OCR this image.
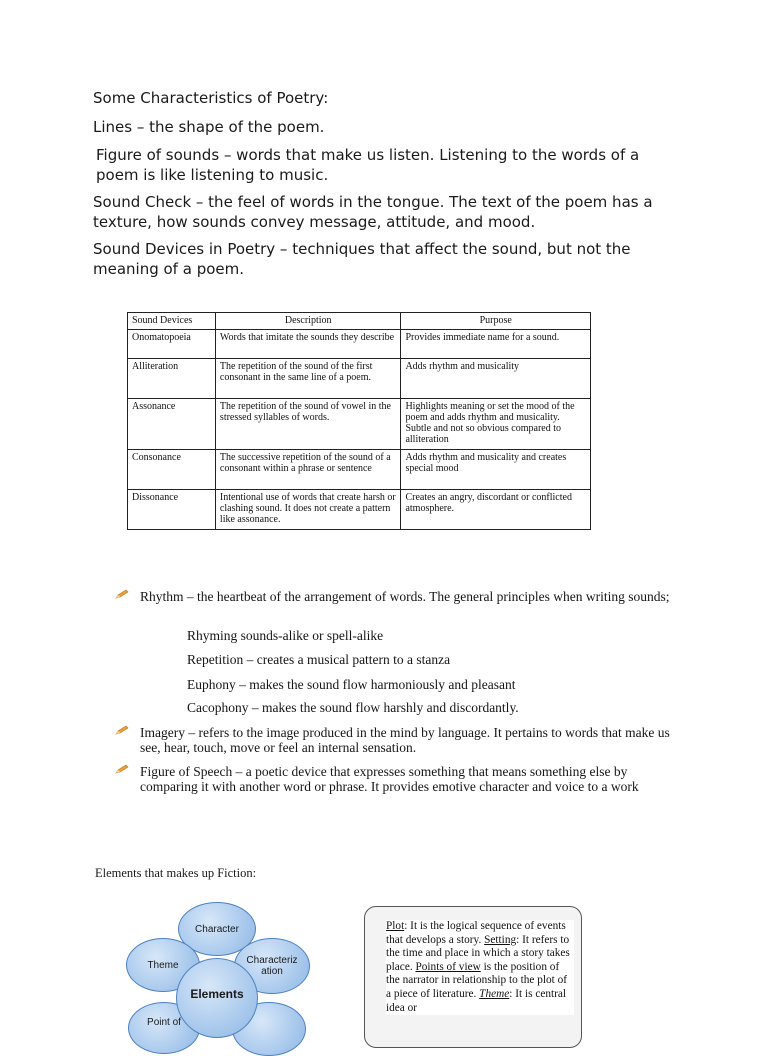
Some Characteristics of Poetry:
Lines – the shape of the poem.
Figure of sounds – words that make us listen. Listening to the words of a poem is like listening to music.
Sound Check – the feel of words in the tongue. The text of the poem has a texture, how sounds convey message, attitude, and mood.
Sound Devices in Poetry – techniques that affect the sound, but not the meaning of a poem.
Sound Devices	Description	Purpose
Onomatopoeia	Words that imitate the sounds they describe	Provides immediate name for a sound.
Alliteration	The repetition of the sound of the first consonant in the same line of a poem.	Adds rhythm and musicality
Assonance	The repetition of the sound of vowel in the stressed syllables of words.	Highlights meaning or set the mood of the poem and adds rhythm and musicality. Subtle and not so obvious compared to alliteration
Consonance	The successive repetition of the sound of a consonant within a phrase or sentence	Adds rhythm and musicality and creates special mood
Dissonance	Intentional use of words that create harsh or clashing sound. It does not create a pattern like assonance.	Creates an angry, discordant or conflicted atmosphere.
Rhythm – the heartbeat of the arrangement of words. The general principles when writing sounds;
Rhyming sounds-alike or spell-alike
Repetition – creates a musical pattern to a stanza
Euphony – makes the sound flow harmoniously and pleasant
Cacophony – makes the sound flow harshly and discordantly.
Imagery – refers to the image produced in the mind by language. It pertains to words that make us see, hear, touch, move or feel an internal sensation.
Figure of Speech – a poetic device that expresses something that means something else by comparing it with another word or phrase. It provides emotive character and voice to a work
Elements that makes up Fiction:
Character
Theme	Characteriz
ation
Point of
Elements
Plot: It is the logical sequence of events that develops a story. Setting: It refers to the time and place in which a story takes place. Points of view is the position of the narrator in relationship to the plot of a piece of literature. Theme: It is central idea or
